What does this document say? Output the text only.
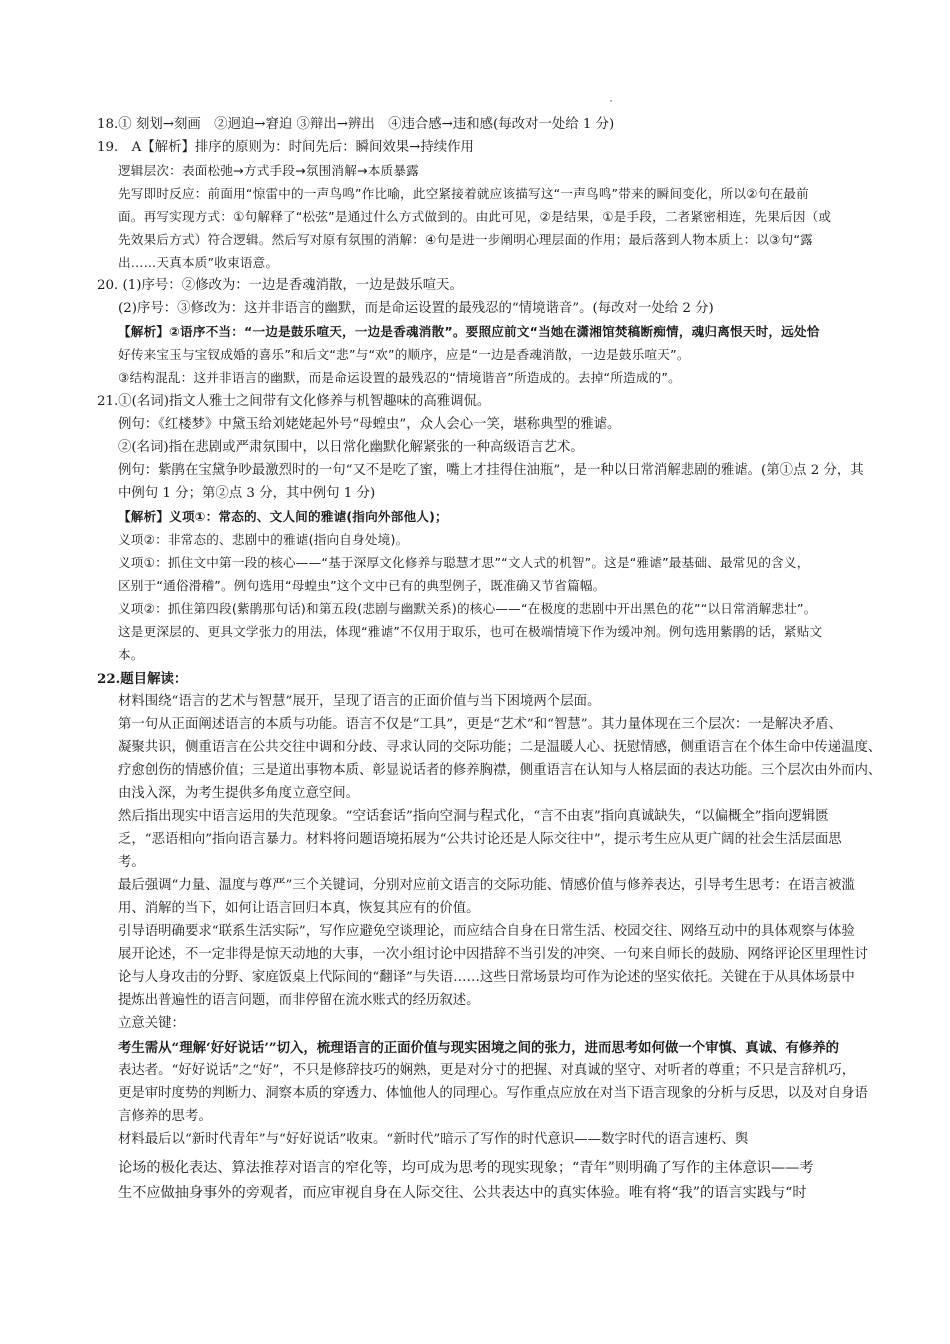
18.① 刻划→刻画　②迥迫→窘迫 ③辩出→辨出　④违合感→违和感(每改对一处给 1 分)
19.　A【解析】排序的原则为：时间先后：瞬间效果→持续作用
逻辑层次：表面松弛→方式手段→氛围消解→本质暴露
先写即时反应：前面用“惊雷中的一声鸟鸣”作比喻，此空紧接着就应该描写这“一声鸟鸣”带来的瞬间变化，所以②句在最前
面。再写实现方式：①句解释了“松弦”是通过什么方式做到的。由此可见，②是结果，①是手段，二者紧密相连，先果后因（或
先效果后方式）符合逻辑。然后写对原有氛围的消解：④句是进一步阐明心理层面的作用；最后落到人物本质上：以③句“露
出……天真本质”收束语意。
20. (1)序号：②修改为：一边是香魂消散，一边是鼓乐喧天。
(2)序号：③修改为：这并非语言的幽默，而是命运设置的最残忍的“情境谐音”。(每改对一处给 2 分)
【解析】②语序不当：“一边是鼓乐喧天，一边是香魂消散”。要照应前文“当她在潇湘馆焚稿断痴情，魂归离恨天时，远处恰
好传来宝玉与宝钗成婚的喜乐”和后文“悲”与“欢”的顺序，应是“一边是香魂消散，一边是鼓乐喧天”。
③结构混乱：这并非语言的幽默，而是命运设置的最残忍的“情境谐音”所造成的。去掉“所造成的”。
21.①(名词)指文人雅士之间带有文化修养与机智趣味的高雅调侃。
例句：《红楼梦》中黛玉给刘姥姥起外号“母蝗虫”，众人会心一笑，堪称典型的雅谑。
②(名词)指在悲剧或严肃氛围中，以日常化幽默化解紧张的一种高级语言艺术。
例句：紫鹃在宝黛争吵最激烈时的一句“又不是吃了蜜，嘴上才挂得住油瓶”，是一种以日常消解悲剧的雅谑。(第①点 2 分，其
中例句 1 分；第②点 3 分，其中例句 1 分)
【解析】义项①：常态的、文人间的雅谑(指向外部他人)；
义项②：非常态的、悲剧中的雅谑(指向自身处境)。
义项①：抓住文中第一段的核心——“基于深厚文化修养与聪慧才思”“文人式的机智”。这是“雅谑”最基础、最常见的含义，
区别于“通俗滑稽”。例句选用“母蝗虫”这个文中已有的典型例子，既准确又节省篇幅。
义项②：抓住第四段(紫鹃那句话)和第五段(悲剧与幽默关系)的核心——“在极度的悲剧中开出黑色的花”“以日常消解悲壮”。
这是更深层的、更具文学张力的用法，体现“雅谑”不仅用于取乐，也可在极端情境下作为缓冲剂。例句选用紫鹃的话，紧贴文
本。
22.题目解读：
材料围绕“语言的艺术与智慧”展开，呈现了语言的正面价值与当下困境两个层面。
第一句从正面阐述语言的本质与功能。语言不仅是“工具”，更是“艺术”和“智慧”。其力量体现在三个层次：一是解决矛盾、
凝聚共识，侧重语言在公共交往中调和分歧、寻求认同的交际功能；二是温暖人心、抚慰情感，侧重语言在个体生命中传递温度、
疗愈创伤的情感价值；三是道出事物本质、彰显说话者的修养胸襟，侧重语言在认知与人格层面的表达功能。三个层次由外而内、
由浅入深，为考生提供多角度立意空间。
然后指出现实中语言运用的失范现象。“空话套话”指向空洞与程式化，“言不由衷”指向真诚缺失，“以偏概全”指向逻辑匮
乏，“恶语相向”指向语言暴力。材料将问题语境拓展为“公共讨论还是人际交往中”，提示考生应从更广阔的社会生活层面思
考。
最后强调“力量、温度与尊严”三个关键词，分别对应前文语言的交际功能、情感价值与修养表达，引导考生思考：在语言被滥
用、消解的当下，如何让语言回归本真，恢复其应有的价值。
引导语明确要求“联系生活实际”，写作应避免空谈理论，而应结合自身在日常生活、校园交往、网络互动中的具体观察与体验
展开论述，不一定非得是惊天动地的大事，一次小组讨论中因措辞不当引发的冲突、一句来自师长的鼓励、网络评论区里理性讨
论与人身攻击的分野、家庭饭桌上代际间的“翻译”与失语……这些日常场景均可作为论述的坚实依托。关键在于从具体场景中
提炼出普遍性的语言问题，而非停留在流水账式的经历叙述。
立意关键：
考生需从“理解‘好好说话’”切入，梳理语言的正面价值与现实困境之间的张力，进而思考如何做一个审慎、真诚、有修养的
表达者。“好好说话”之“好”，不只是修辞技巧的娴熟，更是对分寸的把握、对真诚的坚守、对听者的尊重；不只是言辞机巧，
更是审时度势的判断力、洞察本质的穿透力、体恤他人的同理心。写作重点应放在对当下语言现象的分析与反思，以及对自身语
言修养的思考。
材料最后以“新时代青年”与“好好说话”收束。“新时代”暗示了写作的时代意识——数字时代的语言速朽、舆
论场的极化表达、算法推荐对语言的窄化等，均可成为思考的现实现象；“青年”则明确了写作的主体意识——考
生不应做抽身事外的旁观者，而应审视自身在人际交往、公共表达中的真实体验。唯有将“我”的语言实践与“时
